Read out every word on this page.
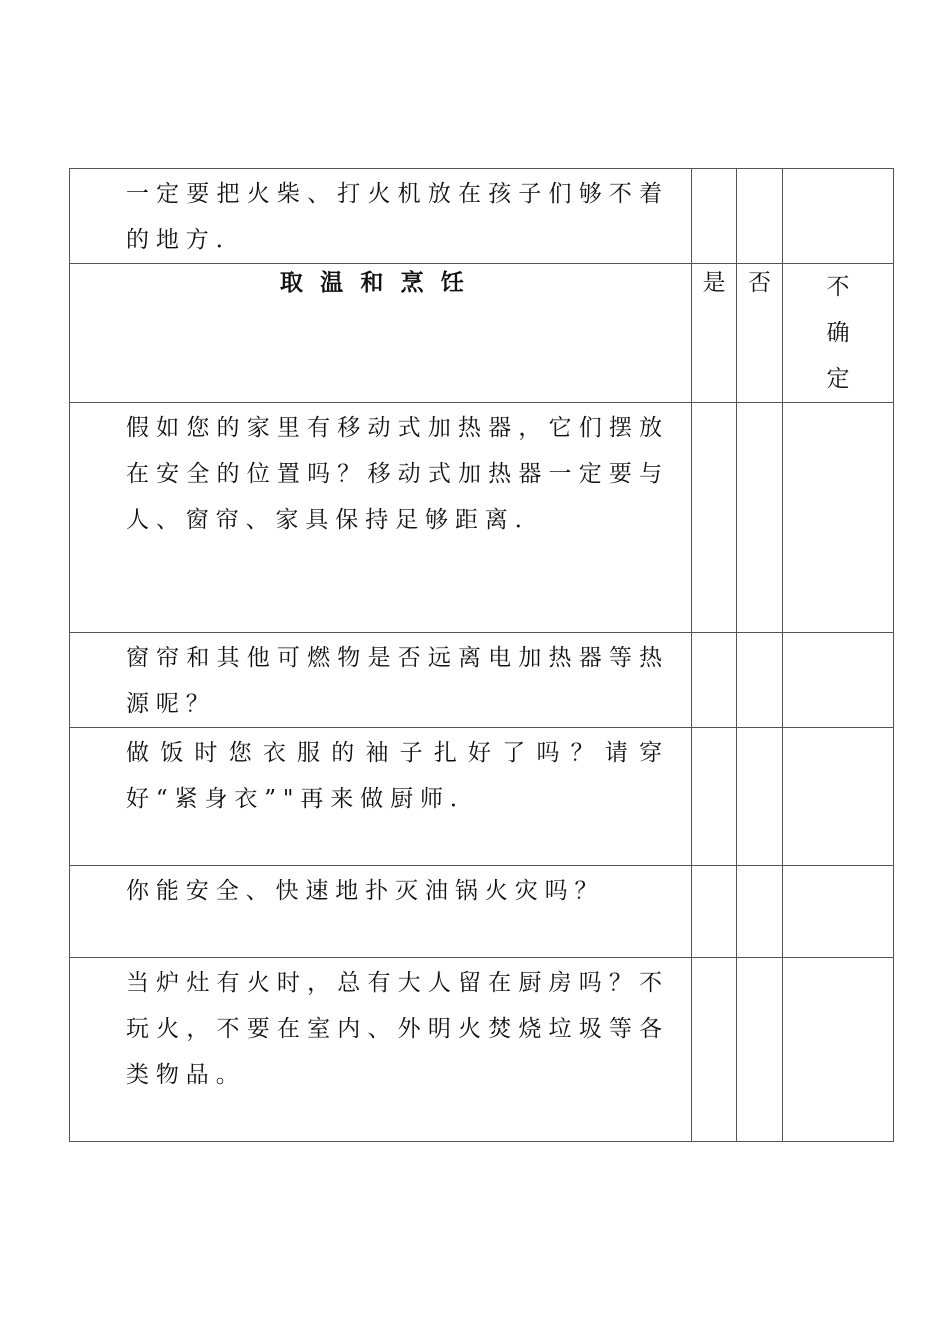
一定要把火柴、打火机放在孩子们够不着的地方．			

取温和烹饪	是	否	不确定

假如您的家里有移动式加热器，它们摆放在安全的位置吗？移动式加热器一定要与人、窗帘、家具保持足够距离．			

窗帘和其他可燃物是否远离电加热器等热源呢？			

做饭时您衣服的袖子扎好了吗？请穿好“紧身衣”"再来做厨师．			

你能安全、快速地扑灭油锅火灾吗？			

当炉灶有火时，总有大人留在厨房吗？不玩火，不要在室内、外明火焚烧垃圾等各类物品。			
